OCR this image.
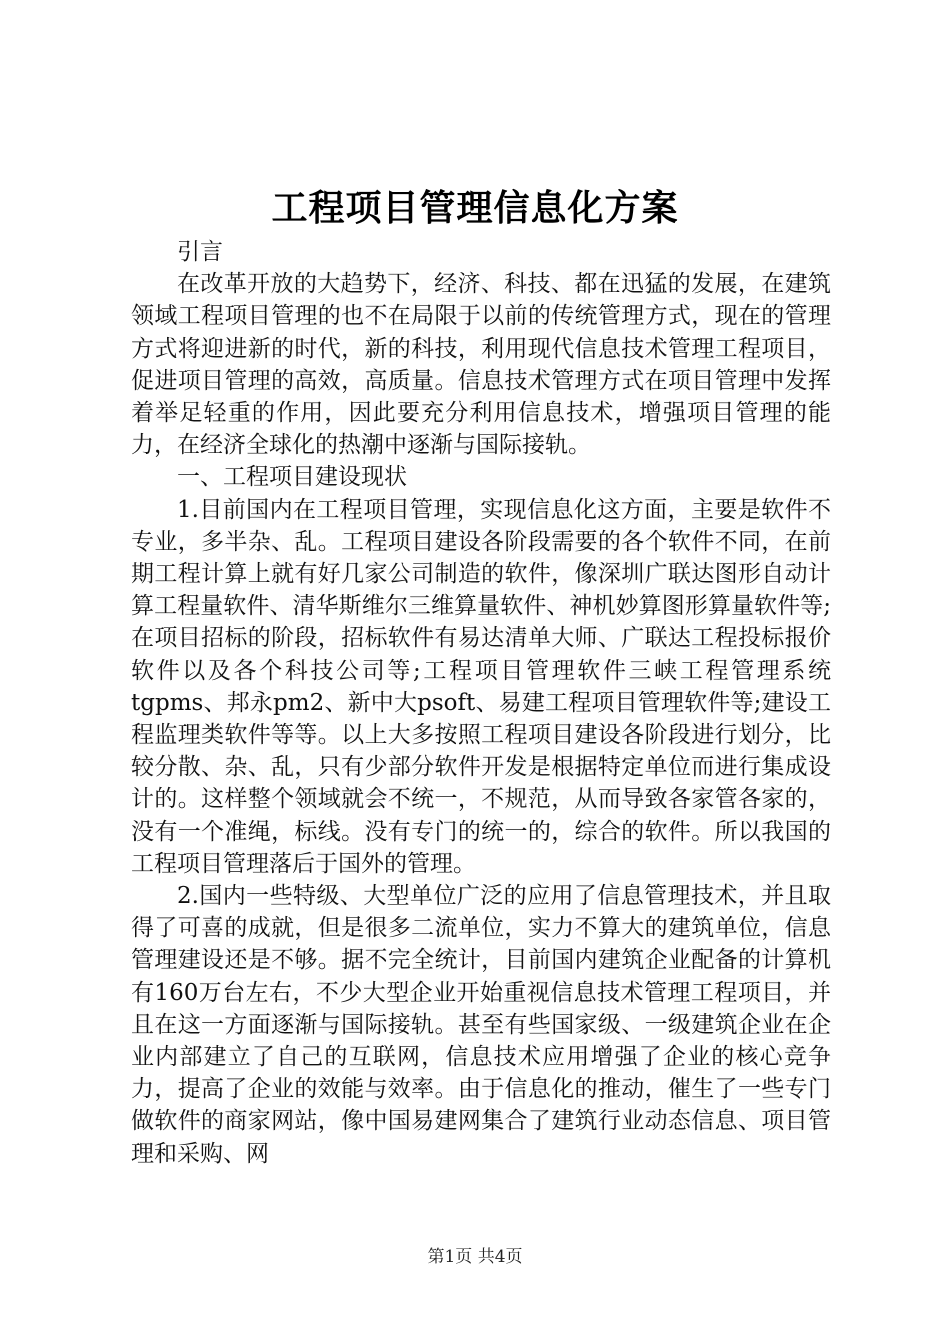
工程项目管理信息化方案

引言

在改革开放的大趋势下，经济、科技、都在迅猛的发展，在建筑领域工程项目管理的也不在局限于以前的传统管理方式，现在的管理方式将迎进新的时代，新的科技，利用现代信息技术管理工程项目，促进项目管理的高效，高质量。信息技术管理方式在项目管理中发挥着举足轻重的作用，因此要充分利用信息技术，增强项目管理的能力，在经济全球化的热潮中逐渐与国际接轨。

一、工程项目建设现状

1.目前国内在工程项目管理，实现信息化这方面，主要是软件不专业，多半杂、乱。工程项目建设各阶段需要的各个软件不同，在前期工程计算上就有好几家公司制造的软件，像深圳广联达图形自动计算工程量软件、清华斯维尔三维算量软件、神机妙算图形算量软件等;在项目招标的阶段，招标软件有易达清单大师、广联达工程投标报价软件以及各个科技公司等;工程项目管理软件三峡工程管理系统tgpms、邦永pm2、新中大psoft、易建工程项目管理软件等;建设工程监理类软件等等。以上大多按照工程项目建设各阶段进行划分，比较分散、杂、乱，只有少部分软件开发是根据特定单位而进行集成设计的。这样整个领域就会不统一，不规范，从而导致各家管各家的，没有一个准绳，标线。没有专门的统一的，综合的软件。所以我国的工程项目管理落后于国外的管理。

2.国内一些特级、大型单位广泛的应用了信息管理技术，并且取得了可喜的成就，但是很多二流单位，实力不算大的建筑单位，信息管理建设还是不够。据不完全统计，目前国内建筑企业配备的计算机有160万台左右，不少大型企业开始重视信息技术管理工程项目，并且在这一方面逐渐与国际接轨。甚至有些国家级、一级建筑企业在企业内部建立了自己的互联网，信息技术应用增强了企业的核心竞争力，提高了企业的效能与效率。由于信息化的推动，催生了一些专门做软件的商家网站，像中国易建网集合了建筑行业动态信息、项目管理和采购、网

第1页 共4页
